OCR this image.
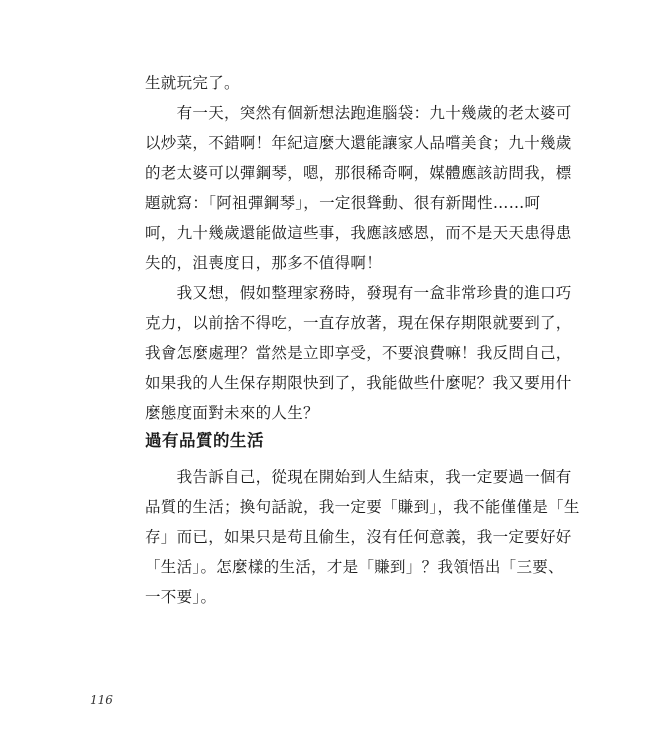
生就玩完了。
　　有一天，突然有個新想法跑進腦袋：九十幾歲的老太婆可
以炒菜，不錯啊！年紀這麼大還能讓家人品嚐美食；九十幾歲
的老太婆可以彈鋼琴，嗯，那很稀奇啊，媒體應該訪問我，標
題就寫：「阿祖彈鋼琴」，一定很聳動、很有新聞性……呵
呵，九十幾歲還能做這些事，我應該感恩，而不是天天患得患
失的，沮喪度日，那多不值得啊！
　　我又想，假如整理家務時，發現有一盒非常珍貴的進口巧
克力，以前捨不得吃，一直存放著，現在保存期限就要到了，
我會怎麼處理？當然是立即享受，不要浪費嘛！我反問自己，
如果我的人生保存期限快到了，我能做些什麼呢？我又要用什
麼態度面對未來的人生？
過有品質的生活
　　我告訴自己，從現在開始到人生結束，我一定要過一個有
品質的生活；換句話說，我一定要「賺到」，我不能僅僅是「生
存」而已，如果只是苟且偷生，沒有任何意義，我一定要好好
「生活」。怎麼樣的生活，才是「賺到」？我領悟出「三要、
一不要」。
116
